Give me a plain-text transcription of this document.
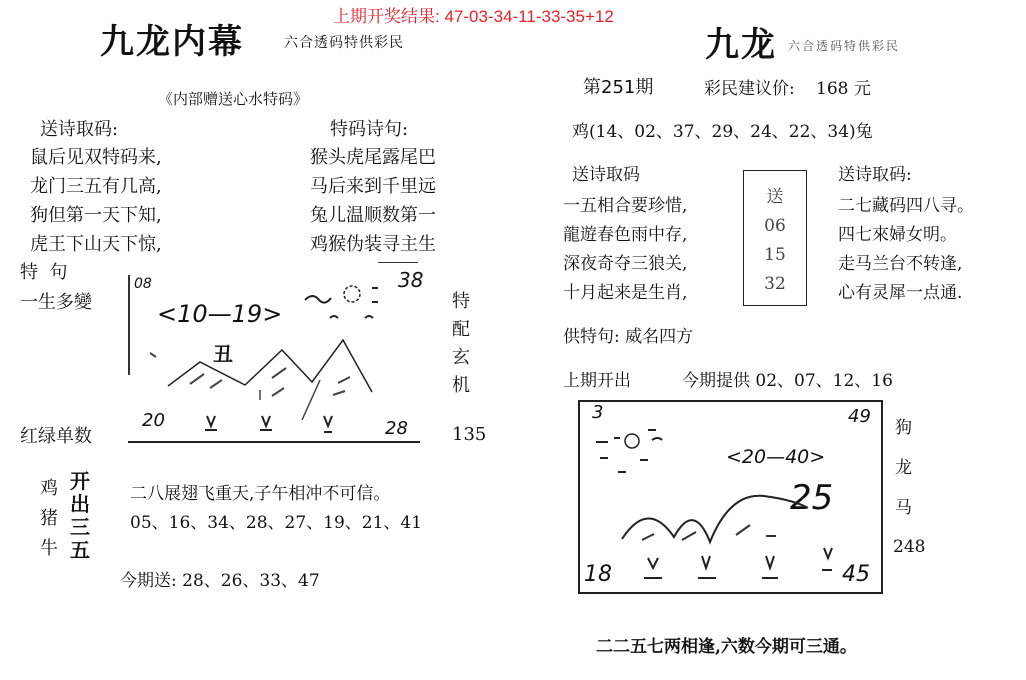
上期开奖结果: 47-03-34-11-33-35+12
九龙内幕	六合透码特供彩民
《内部赠送心水特码》
送诗取码:
鼠后见双特码来,
龙门三五有几高,
狗但第一天下知,
虎王下山天下惊,
特码诗句:
猴头虎尾露尾巴
马后来到千里远
兔儿温顺数第一
鸡猴伪装寻主生
特  句
一生多變
08
<10—19>
丑
38
20	28
特
配
玄
机
红绿单数	135
鸡
猪
牛
开
出
三
五
二八展翅飞重天,子午相冲不可信。
05、16、34、28、27、19、21、41
今期送: 28、26、33、47
九龙 六合透码特供彩民
第251期	彩民建议价: 168 元
鸡(14、02、37、29、24、22、34)兔
送诗取码
一五相合要珍惜,
龍遊春色雨中存,
深夜奇夺三狼关,
十月起来是生肖,
送
06
15
32
送诗取码:
二七藏码四八寻。
四七來婦女明。
走马兰台不转逢,
心有灵犀一点通.
供特句: 威名四方
上期开出	今期提供 02、07、12、16
3	49
<20—40>
25
18	45
狗
龙
马
248
二二五七两相逢,六数今期可三通。
